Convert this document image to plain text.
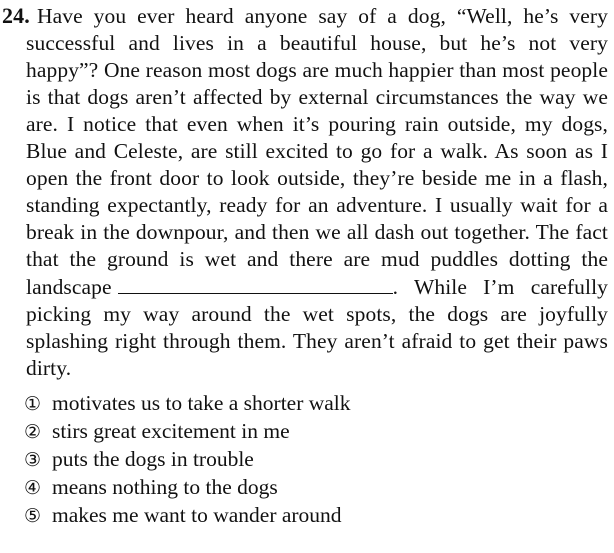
24. Have you ever heard anyone say of a dog, “Well, he’s very successful and lives in a beautiful house, but he’s not very happy”? One reason most dogs are much happier than most people is that dogs aren’t affected by external circumstances the way we are. I notice that even when it’s pouring rain outside, my dogs, Blue and Celeste, are still excited to go for a walk. As soon as I open the front door to look outside, they’re beside me in a flash, standing expectantly, ready for an adventure. I usually wait for a break in the downpour, and then we all dash out together. The fact that the ground is wet and there are mud puddles dotting the landscape	. While I’m carefully picking my way around the wet spots, the dogs are joyfully splashing right through them. They aren’t afraid to get their paws dirty.

① motivates us to take a shorter walk
② stirs great excitement in me
③ puts the dogs in trouble
④ means nothing to the dogs
⑤ makes me want to wander around
